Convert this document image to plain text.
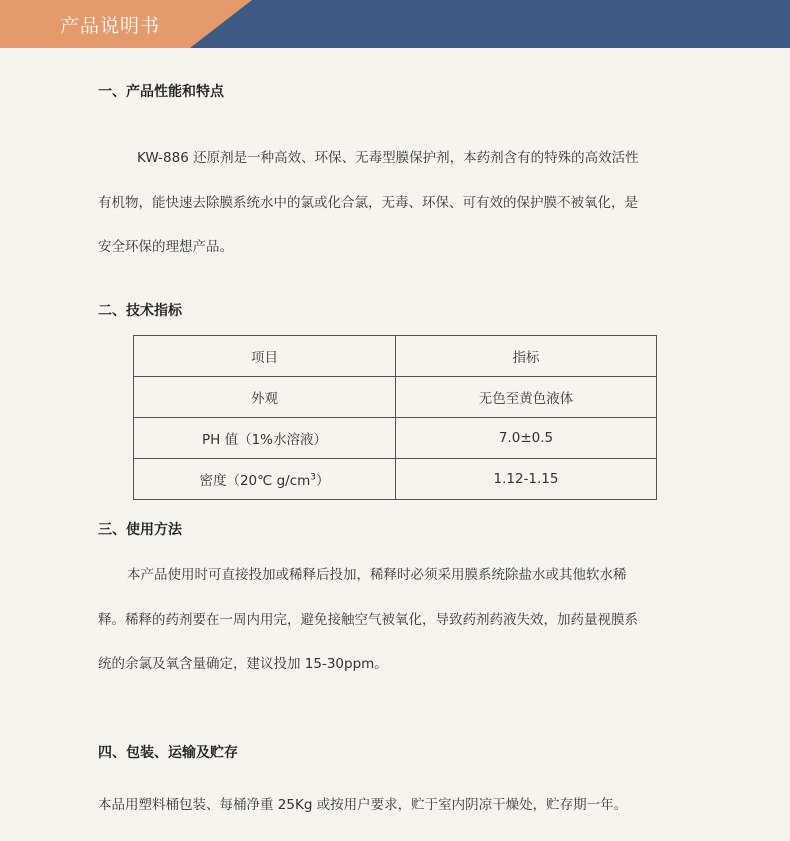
产品说明书
一、产品性能和特点
KW-886 还原剂是一种高效、环保、无毒型膜保护剂，本药剂含有的特殊的高效活性
有机物，能快速去除膜系统水中的氯或化合氯，无毒、环保、可有效的保护膜不被氧化，是
安全环保的理想产品。
二、技术指标
项目	指标
外观	无色至黄色液体
PH 值（1%水溶液）	7.0±0.5
密度（20℃ $g/cm^3$）	1.12-1.15
三、使用方法
本产品使用时可直接投加或稀释后投加，稀释时必须采用膜系统除盐水或其他软水稀
释。稀释的药剂要在一周内用完，避免接触空气被氧化，导致药剂药液失效，加药量视膜系
统的余氯及氧含量确定，建议投加 15-30ppm。
四、包装、运输及贮存
本品用塑料桶包装、每桶净重 25Kg 或按用户要求，贮于室内阴凉干燥处，贮存期一年。
